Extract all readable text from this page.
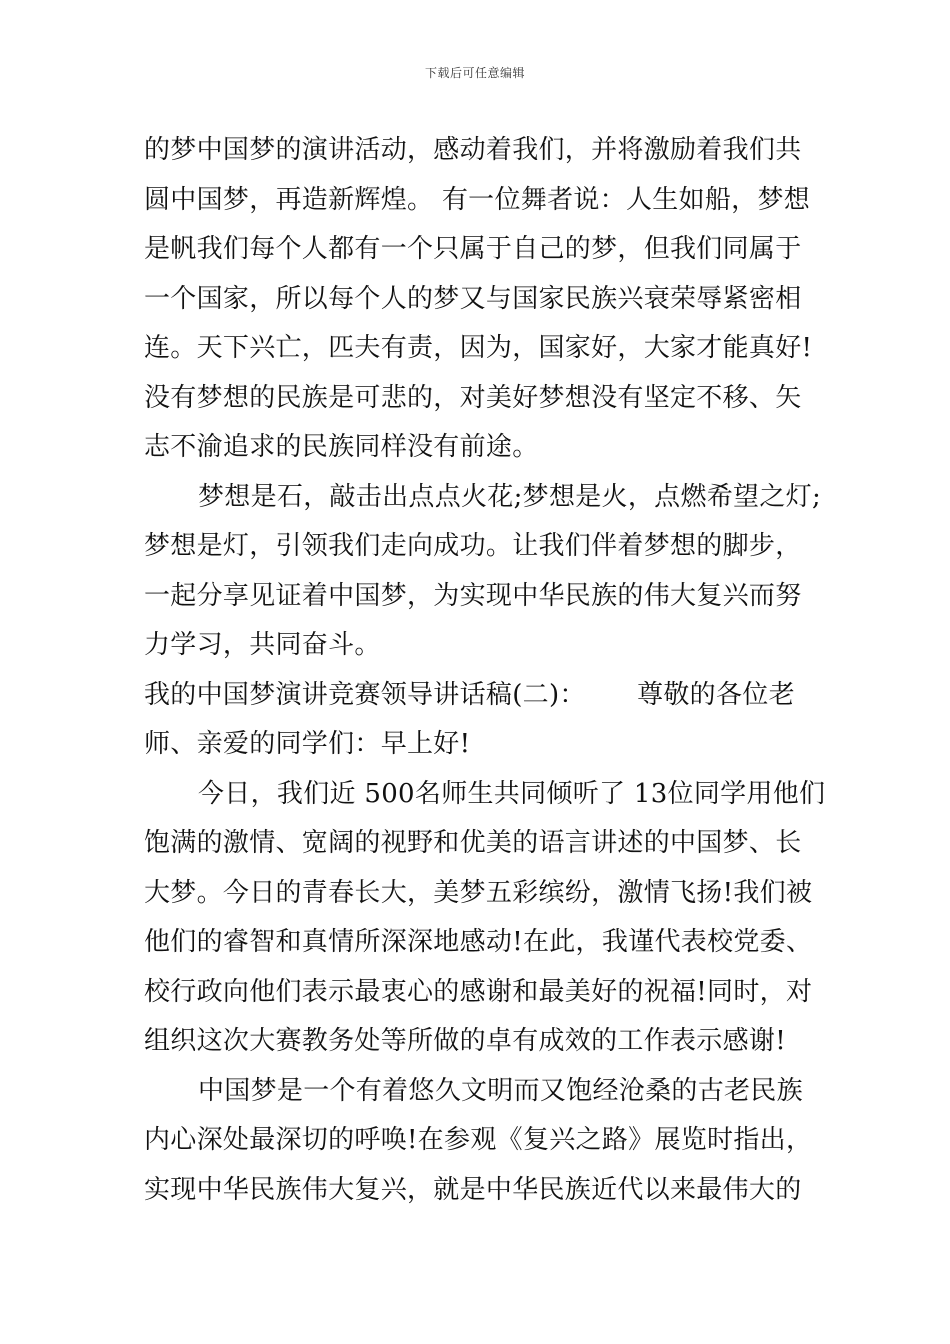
下载后可任意编辑
的梦中国梦的演讲活动，感动着我们，并将激励着我们共
圆中国梦，再造新辉煌。 有一位舞者说：人生如船，梦想
是帆我们每个人都有一个只属于自己的梦，但我们同属于
一个国家，所以每个人的梦又与国家民族兴衰荣辱紧密相
连。天下兴亡，匹夫有责，因为，国家好，大家才能真好!
没有梦想的民族是可悲的，对美好梦想没有坚定不移、矢
志不渝追求的民族同样没有前途。
梦想是石，敲击出点点火花;梦想是火，点燃希望之灯;
梦想是灯，引领我们走向成功。让我们伴着梦想的脚步，
一起分享见证着中国梦，为实现中华民族的伟大复兴而努
力学习，共同奋斗。
我的中国梦演讲竞赛领导讲话稿(二)：      尊敬的各位老
师、亲爱的同学们：早上好!
今日，我们近 500名师生共同倾听了 13位同学用他们
饱满的激情、宽阔的视野和优美的语言讲述的中国梦、长
大梦。今日的青春长大，美梦五彩缤纷，激情飞扬!我们被
他们的睿智和真情所深深地感动!在此，我谨代表校党委、
校行政向他们表示最衷心的感谢和最美好的祝福!同时，对
组织这次大赛教务处等所做的卓有成效的工作表示感谢!
中国梦是一个有着悠久文明而又饱经沧桑的古老民族
内心深处最深切的呼唤!在参观《复兴之路》展览时指出，
实现中华民族伟大复兴，就是中华民族近代以来最伟大的
